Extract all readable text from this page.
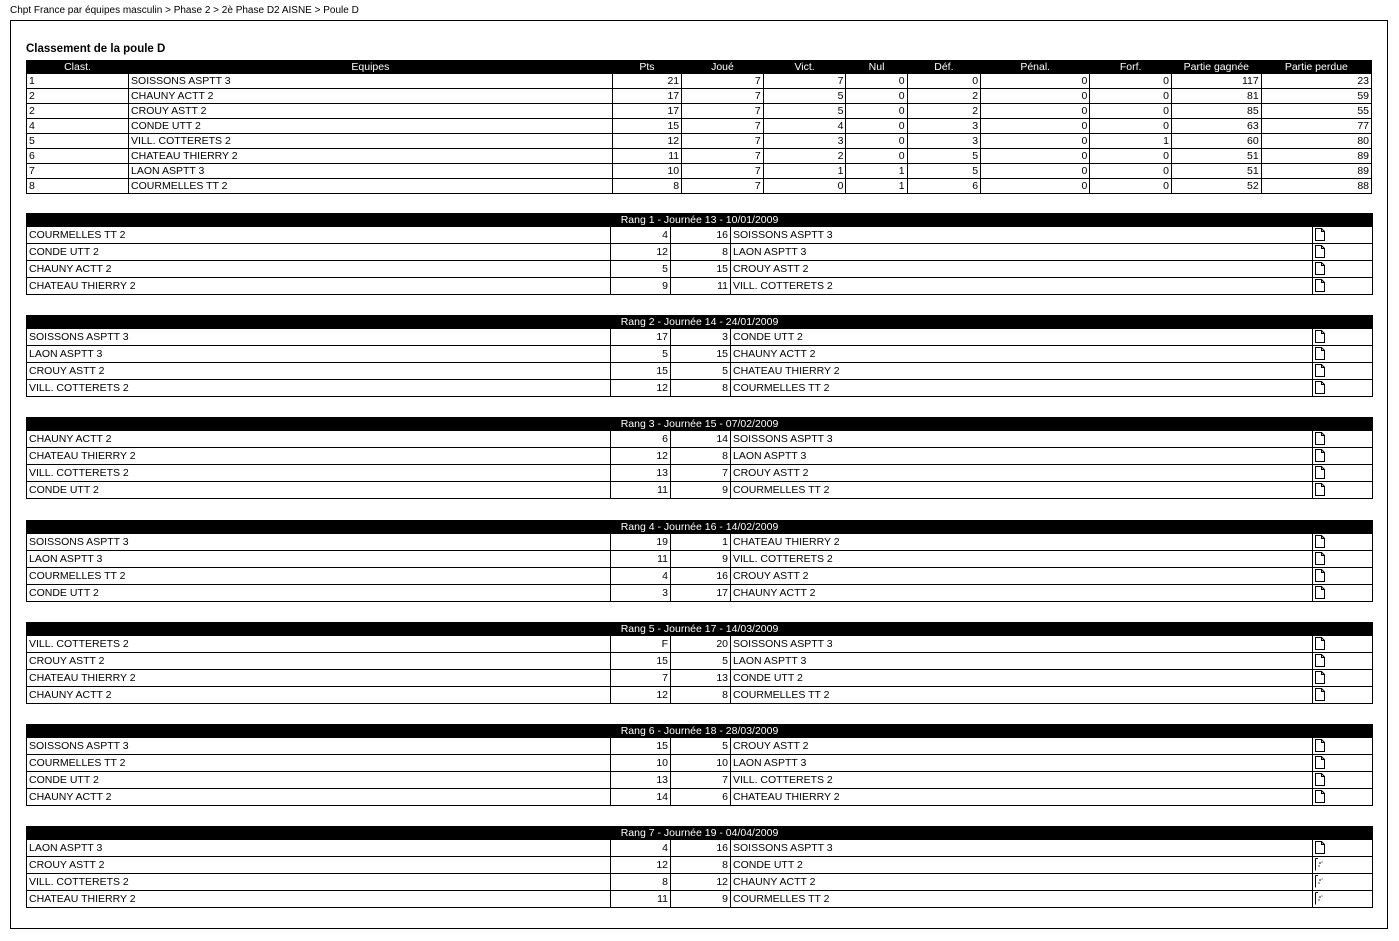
Chpt France par équipes masculin > Phase 2 > 2è Phase D2 AISNE > Poule D
Classement de la poule D
Clast.	Equipes	Pts	Joué	Vict.	Nul	Déf.	Pénal.	Forf.	Partie gagnée	Partie perdue
1	SOISSONS ASPTT 3	21	7	7	0	0	0	0	117	23
2	CHAUNY ACTT 2	17	7	5	0	2	0	0	81	59
2	CROUY ASTT 2	17	7	5	0	2	0	0	85	55
4	CONDE UTT 2	15	7	4	0	3	0	0	63	77
5	VILL. COTTERETS 2	12	7	3	0	3	0	1	60	80
6	CHATEAU THIERRY 2	11	7	2	0	5	0	0	51	89
7	LAON ASPTT 3	10	7	1	1	5	0	0	51	89
8	COURMELLES TT 2	8	7	0	1	6	0	0	52	88
Rang 1 - Journée 13 - 10/01/2009				
COURMELLES TT 2	4	16	SOISSONS ASPTT 3	

CONDE UTT 2	12	8	LAON ASPTT 3	

CHAUNY ACTT 2	5	15	CROUY ASTT 2	

CHATEAU THIERRY 2	9	11	VILL. COTTERETS 2	
Rang 2 - Journée 14 - 24/01/2009				
SOISSONS ASPTT 3	17	3	CONDE UTT 2	

LAON ASPTT 3	5	15	CHAUNY ACTT 2	

CROUY ASTT 2	15	5	CHATEAU THIERRY 2	

VILL. COTTERETS 2	12	8	COURMELLES TT 2	
Rang 3 - Journée 15 - 07/02/2009				
CHAUNY ACTT 2	6	14	SOISSONS ASPTT 3	

CHATEAU THIERRY 2	12	8	LAON ASPTT 3	

VILL. COTTERETS 2	13	7	CROUY ASTT 2	

CONDE UTT 2	11	9	COURMELLES TT 2	
Rang 4 - Journée 16 - 14/02/2009				
SOISSONS ASPTT 3	19	1	CHATEAU THIERRY 2	

LAON ASPTT 3	11	9	VILL. COTTERETS 2	

COURMELLES TT 2	4	16	CROUY ASTT 2	

CONDE UTT 2	3	17	CHAUNY ACTT 2	
Rang 5 - Journée 17 - 14/03/2009				
VILL. COTTERETS 2	F	20	SOISSONS ASPTT 3	

CROUY ASTT 2	15	5	LAON ASPTT 3	

CHATEAU THIERRY 2	7	13	CONDE UTT 2	

CHAUNY ACTT 2	12	8	COURMELLES TT 2	
Rang 6 - Journée 18 - 28/03/2009				
SOISSONS ASPTT 3	15	5	CROUY ASTT 2	

COURMELLES TT 2	10	10	LAON ASPTT 3	

CONDE UTT 2	13	7	VILL. COTTERETS 2	

CHAUNY ACTT 2	14	6	CHATEAU THIERRY 2	
Rang 7 - Journée 19 - 04/04/2009				
LAON ASPTT 3	4	16	SOISSONS ASPTT 3	

CROUY ASTT 2	12	8	CONDE UTT 2	

VILL. COTTERETS 2	8	12	CHAUNY ACTT 2	

CHATEAU THIERRY 2	11	9	COURMELLES TT 2	
